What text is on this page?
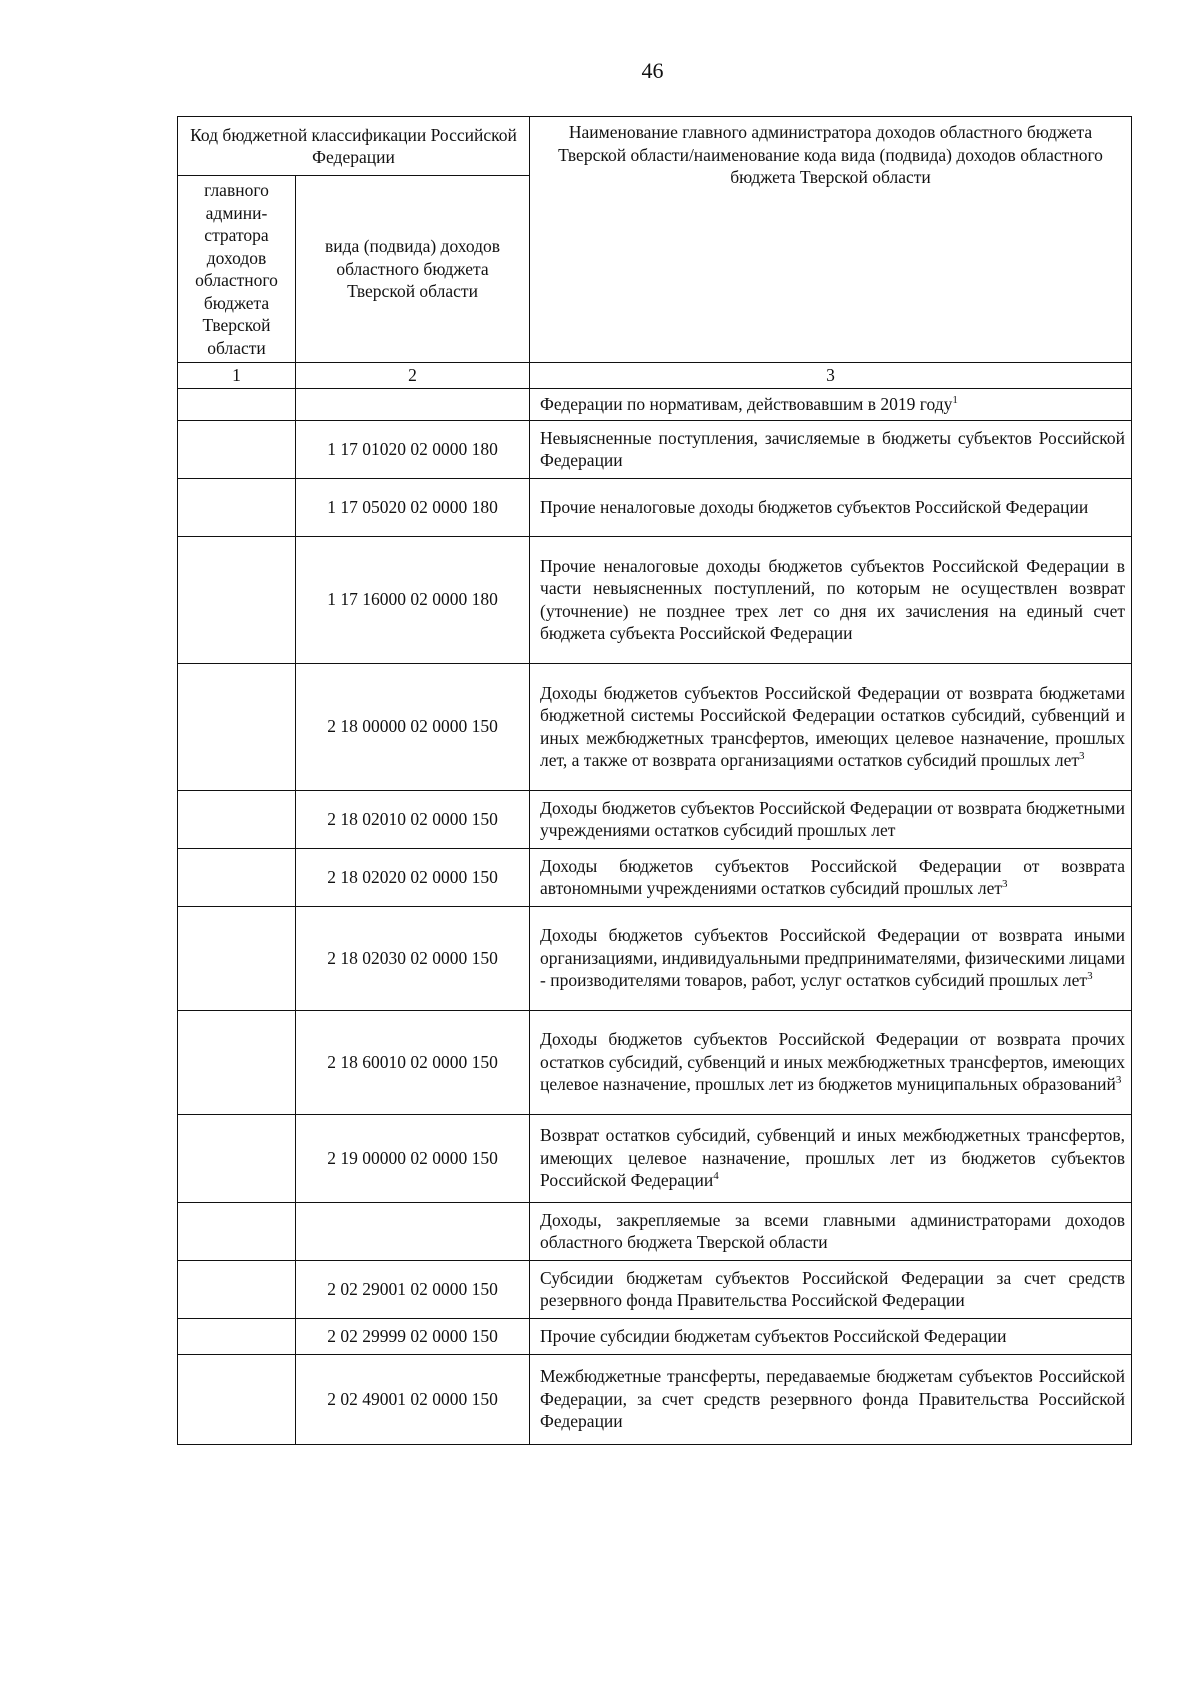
46
Код бюджетной классификации Российской Федерации		Наименование главного администратора доходов областного бюджета Тверской области/наименование кода вида (подвида) доходов областного бюджета Тверской области
главного админи-стратора доходов областного бюджета Тверской области	вида (подвида) доходов областного бюджета Тверской области	
1	2	3
		Федерации по нормативам, действовавшим в 2019 году$^1$
	1 17 01020 02 0000 180	Невыясненные поступления, зачисляемые в бюджеты субъектов Российской Федерации
	1 17 05020 02 0000 180	Прочие неналоговые доходы бюджетов субъектов Российской Федерации
	1 17 16000 02 0000 180	Прочие неналоговые доходы бюджетов субъектов Российской Федерации в части невыясненных поступлений, по которым не осуществлен возврат (уточнение) не позднее трех лет со дня их зачисления на единый счет бюджета субъекта Российской Федерации
	2 18 00000 02 0000 150	Доходы бюджетов субъектов Российской Федерации от возврата бюджетами бюджетной системы Российской Федерации остатков субсидий, субвенций и иных межбюджетных трансфертов, имеющих целевое назначение, прошлых лет, а также от возврата организациями остатков субсидий прошлых лет$^3$
	2 18 02010 02 0000 150	Доходы бюджетов субъектов Российской Федерации от возврата бюджетными учреждениями остатков субсидий прошлых лет
	2 18 02020 02 0000 150	Доходы бюджетов субъектов Российской Федерации от возврата автономными учреждениями остатков субсидий прошлых лет$^3$
	2 18 02030 02 0000 150	Доходы бюджетов субъектов Российской Федерации от возврата иными организациями, индивидуальными предпринимателями, физическими лицами - производителями товаров, работ, услуг остатков субсидий прошлых лет$^3$
	2 18 60010 02 0000 150	Доходы бюджетов субъектов Российской Федерации от возврата прочих остатков субсидий, субвенций и иных межбюджетных трансфертов, имеющих целевое назначение, прошлых лет из бюджетов муниципальных образований$^3$
	2 19 00000 02 0000 150	Возврат остатков субсидий, субвенций и иных межбюджетных трансфертов, имеющих целевое назначение, прошлых лет из бюджетов субъектов Российской Федерации$^4$
		Доходы, закрепляемые за всеми главными администраторами доходов областного бюджета Тверской области
	2 02 29001 02 0000 150	Субсидии бюджетам субъектов Российской Федерации за счет средств резервного фонда Правительства Российской Федерации
	2 02 29999 02 0000 150	Прочие субсидии бюджетам субъектов Российской Федерации
	2 02 49001 02 0000 150	Межбюджетные трансферты, передаваемые бюджетам субъектов Российской Федерации, за счет средств резервного фонда Правительства Российской Федерации
